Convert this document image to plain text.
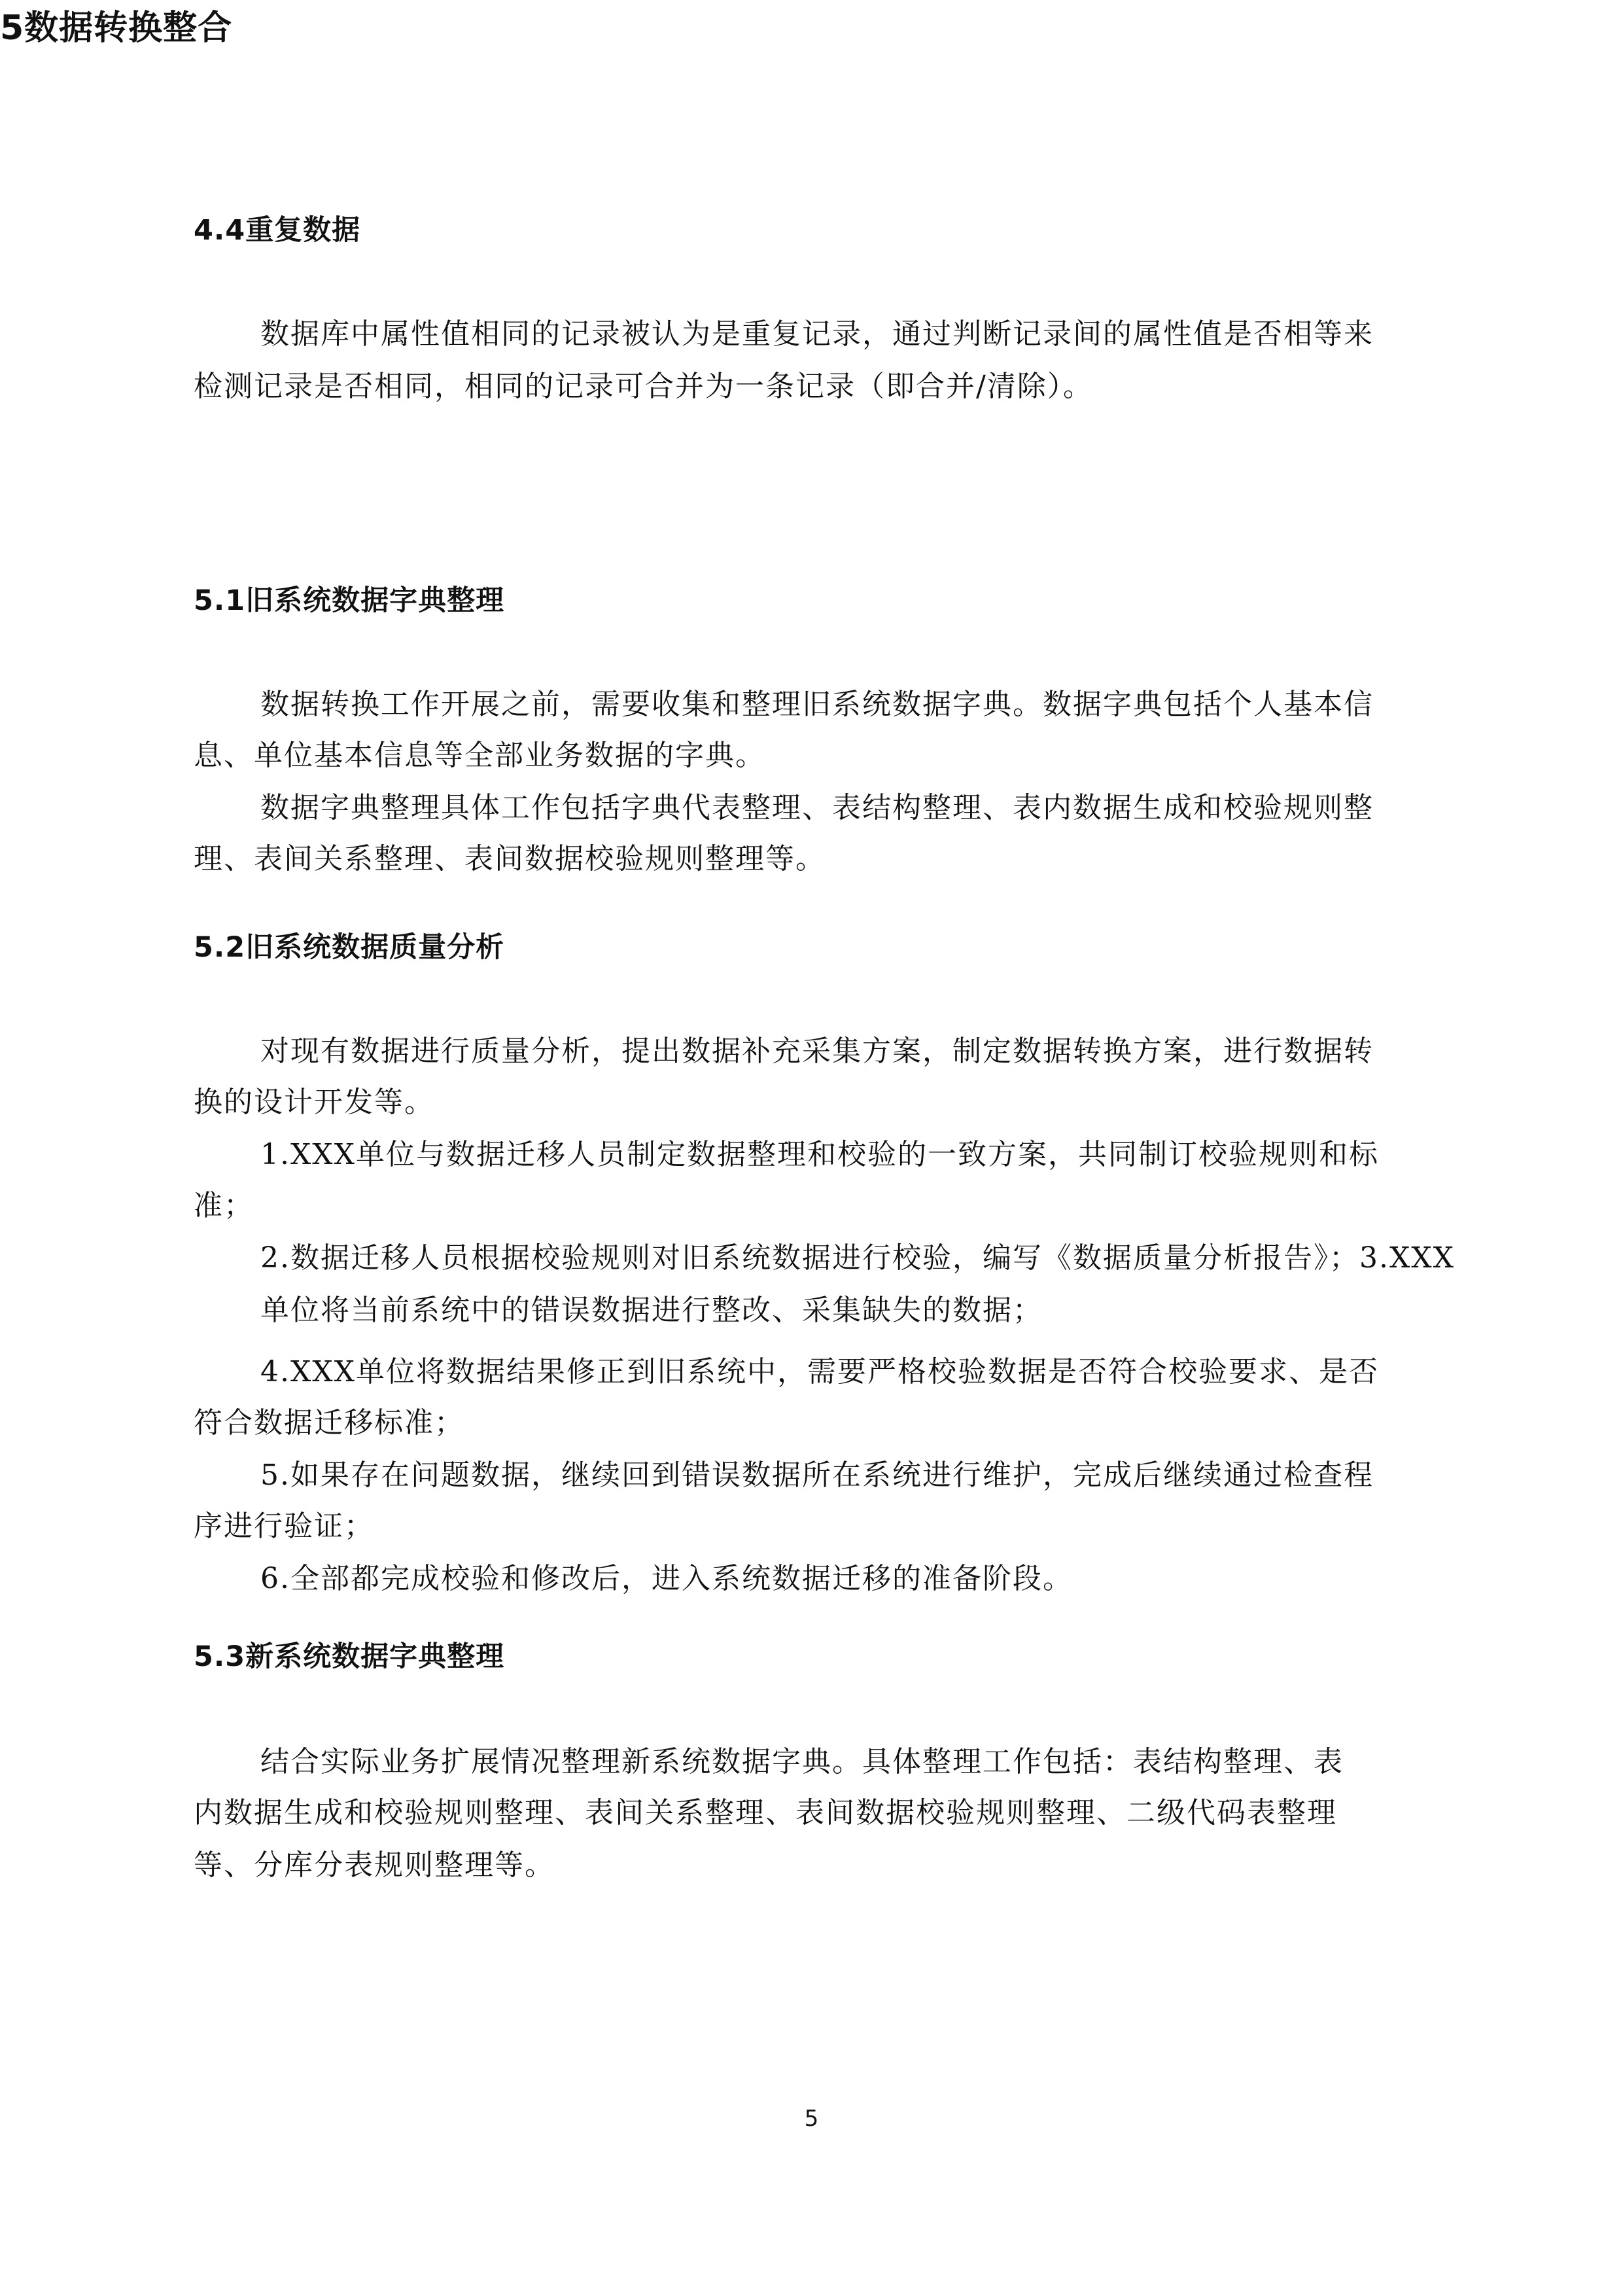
4.4重复数据
数据库中属性值相同的记录被认为是重复记录，通过判断记录间的属性值是否相等来
检测记录是否相同，相同的记录可合并为一条记录（即合并/清除）。
5数据转换整合
5.1旧系统数据字典整理
数据转换工作开展之前，需要收集和整理旧系统数据字典。数据字典包括个人基本信
息、单位基本信息等全部业务数据的字典。
数据字典整理具体工作包括字典代表整理、表结构整理、表内数据生成和校验规则整
理、表间关系整理、表间数据校验规则整理等。
5.2旧系统数据质量分析
对现有数据进行质量分析，提出数据补充采集方案，制定数据转换方案，进行数据转
换的设计开发等。
1.XXX单位与数据迁移人员制定数据整理和校验的一致方案，共同制订校验规则和标
准；
2.数据迁移人员根据校验规则对旧系统数据进行校验，编写《数据质量分析报告》；3.XXX
单位将当前系统中的错误数据进行整改、采集缺失的数据；
4.XXX单位将数据结果修正到旧系统中，需要严格校验数据是否符合校验要求、是否
符合数据迁移标准；
5.如果存在问题数据，继续回到错误数据所在系统进行维护，完成后继续通过检查程
序进行验证；
6.全部都完成校验和修改后，进入系统数据迁移的准备阶段。
5.3新系统数据字典整理
结合实际业务扩展情况整理新系统数据字典。具体整理工作包括：表结构整理、表
内数据生成和校验规则整理、表间关系整理、表间数据校验规则整理、二级代码表整理
等、分库分表规则整理等。
5
